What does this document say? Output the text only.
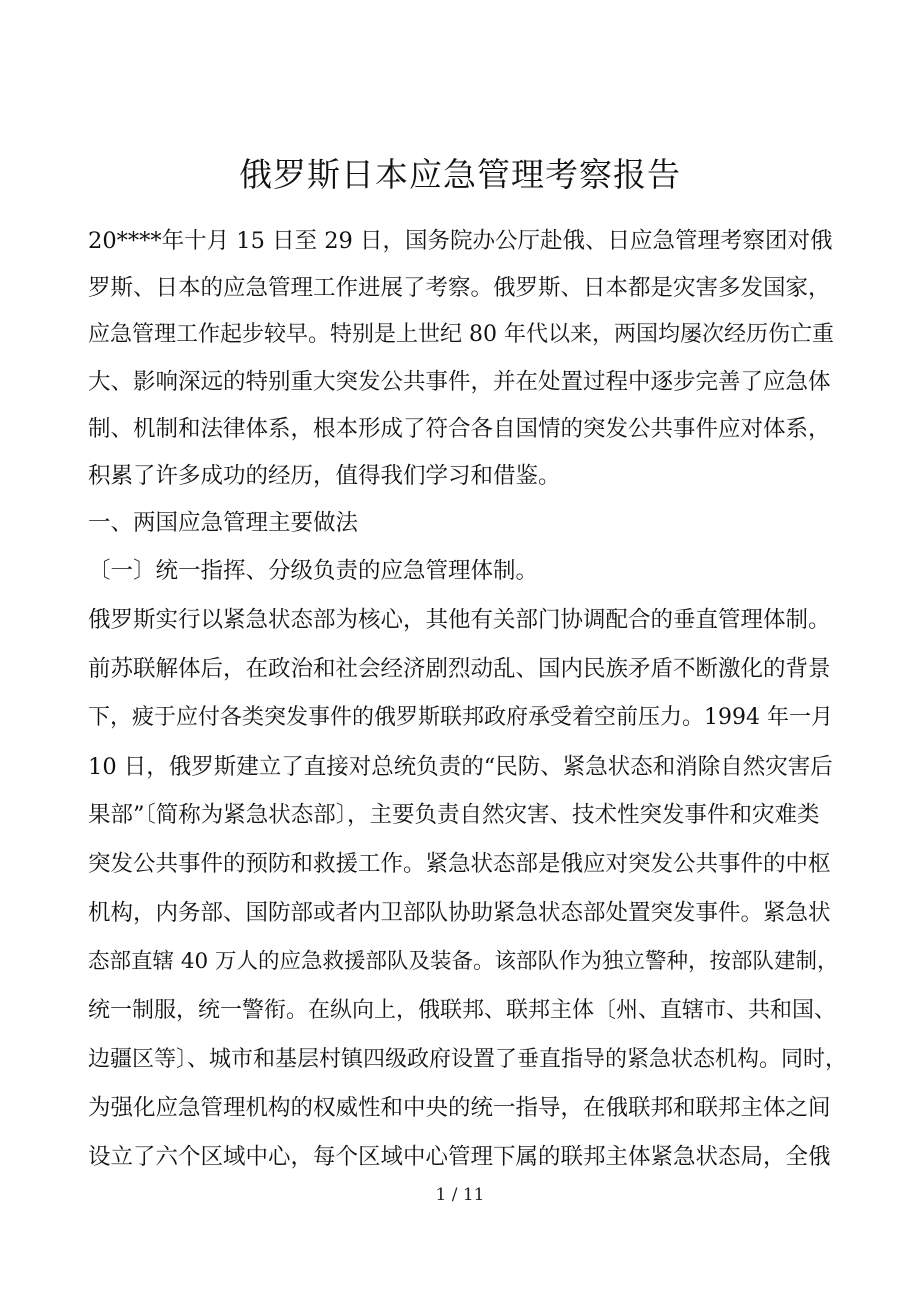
俄罗斯日本应急管理考察报告
20****年十月 15 日至 29 日，国务院办公厅赴俄、日应急管理考察团对俄
罗斯、日本的应急管理工作进展了考察。俄罗斯、日本都是灾害多发国家，
应急管理工作起步较早。特别是上世纪 80 年代以来，两国均屡次经历伤亡重
大、影响深远的特别重大突发公共事件，并在处置过程中逐步完善了应急体
制、机制和法律体系，根本形成了符合各自国情的突发公共事件应对体系，
积累了许多成功的经历，值得我们学习和借鉴。
一、两国应急管理主要做法
〔一〕统一指挥、分级负责的应急管理体制。
俄罗斯实行以紧急状态部为核心，其他有关部门协调配合的垂直管理体制。
前苏联解体后，在政治和社会经济剧烈动乱、国内民族矛盾不断激化的背景
下，疲于应付各类突发事件的俄罗斯联邦政府承受着空前压力。1994 年一月
10 日，俄罗斯建立了直接对总统负责的“民防、紧急状态和消除自然灾害后
果部”〔简称为紧急状态部〕，主要负责自然灾害、技术性突发事件和灾难类
突发公共事件的预防和救援工作。紧急状态部是俄应对突发公共事件的中枢
机构，内务部、国防部或者内卫部队协助紧急状态部处置突发事件。紧急状
态部直辖 40 万人的应急救援部队及装备。该部队作为独立警种，按部队建制，
统一制服，统一警衔。在纵向上，俄联邦、联邦主体〔州、直辖市、共和国、
边疆区等〕、城市和基层村镇四级政府设置了垂直指导的紧急状态机构。同时，
为强化应急管理机构的权威性和中央的统一指导，在俄联邦和联邦主体之间
设立了六个区域中心，每个区域中心管理下属的联邦主体紧急状态局，全俄
1 / 11
